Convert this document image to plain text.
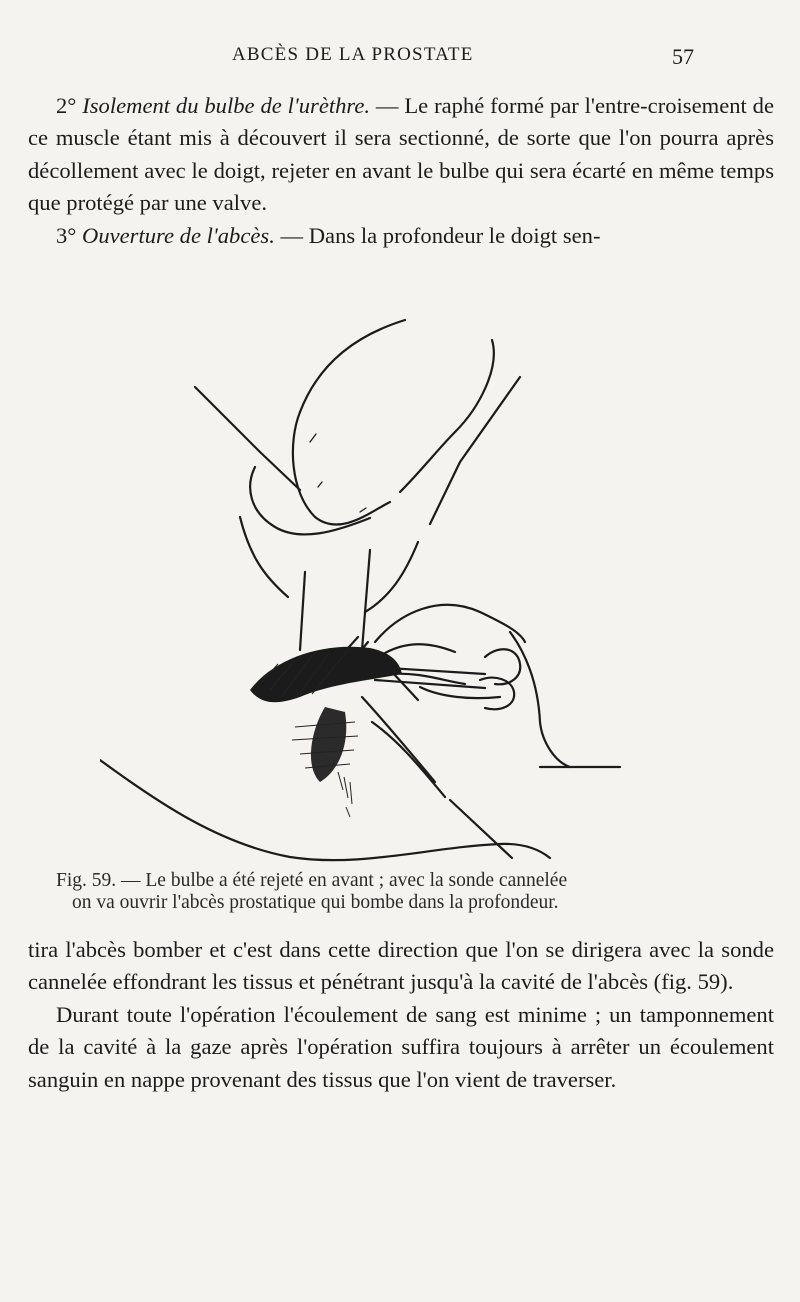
ABCÈS DE LA PROSTATE	57

2° Isolement du bulbe de l'urèthre. — Le raphé formé par l'entre-croisement de ce muscle étant mis à découvert il sera sectionné, de sorte que l'on pourra après décollement avec le doigt, rejeter en avant le bulbe qui sera écarté en même temps que protégé par une valve.

3° Ouverture de l'abcès. — Dans la profondeur le doigt sen-

Fig. 59. — Le bulbe a été rejeté en avant ; avec la sonde cannelée
on va ouvrir l'abcès prostatique qui bombe dans la profondeur.

tira l'abcès bomber et c'est dans cette direction que l'on se dirigera avec la sonde cannelée effondrant les tissus et pénétrant jusqu'à la cavité de l'abcès (fig. 59).

Durant toute l'opération l'écoulement de sang est minime ; un tamponnement de la cavité à la gaze après l'opération suffira toujours à arrêter un écoulement sanguin en nappe provenant des tissus que l'on vient de traverser.
